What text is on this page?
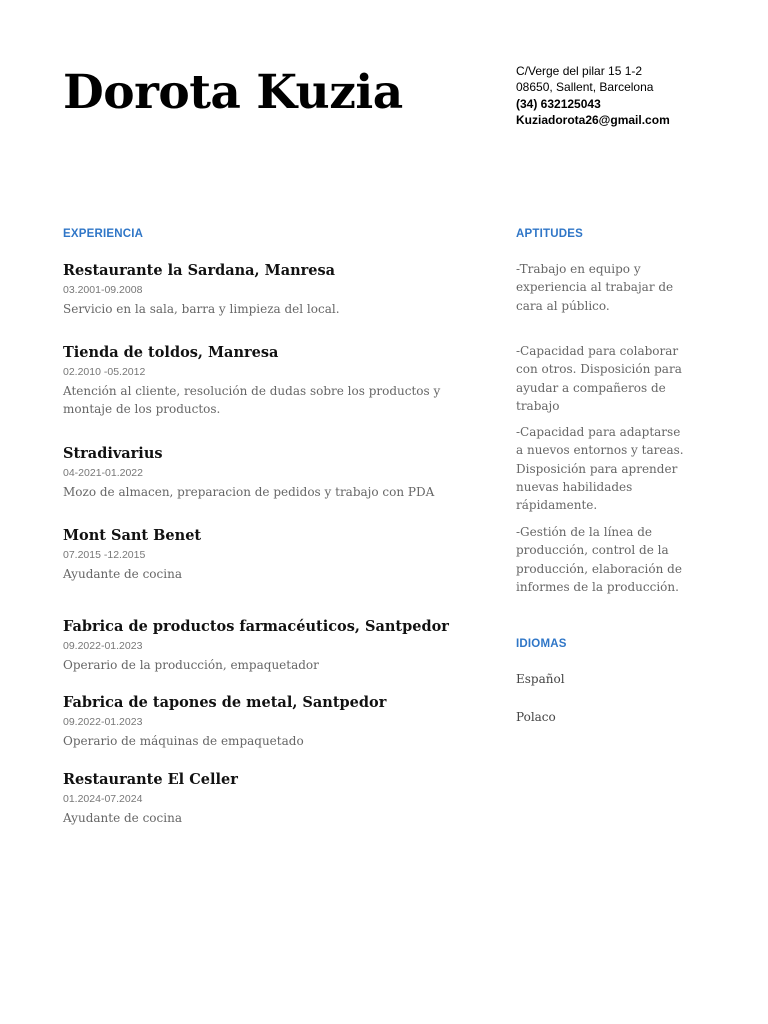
Dorota Kuzia	C/Verge del pilar 15 1-2
08650, Sallent, Barcelona
(34) 632125043
Kuziadorota26@gmail.com
EXPERIENCIA
Restaurante la Sardana, Manresa
03.2001-09.2008
Servicio en la sala, barra y limpieza del local.
Tienda de toldos, Manresa
02.2010 -05.2012
Atención al cliente, resolución de dudas sobre los productos y montaje de los productos.
Stradivarius
04-2021-01.2022
Mozo de almacen, preparacion de pedidos y trabajo con PDA
Mont Sant Benet
07.2015 -12.2015
Ayudante de cocina
Fabrica de productos farmacéuticos, Santpedor
09.2022-01.2023
Operario de la producción, empaquetador
Fabrica de tapones de metal, Santpedor
09.2022-01.2023
Operario de máquinas de empaquetado
Restaurante El Celler
01.2024-07.2024
Ayudante de cocina
APTITUDES
-Trabajo en equipo y experiencia al trabajar de cara al público.
-Capacidad para colaborar con otros. Disposición para ayudar a compañeros de trabajo
-Capacidad para adaptarse a nuevos entornos y tareas. Disposición para aprender nuevas habilidades rápidamente.
-Gestión de la línea de producción, control de la producción, elaboración de informes de la producción.
IDIOMAS
Español
Polaco
